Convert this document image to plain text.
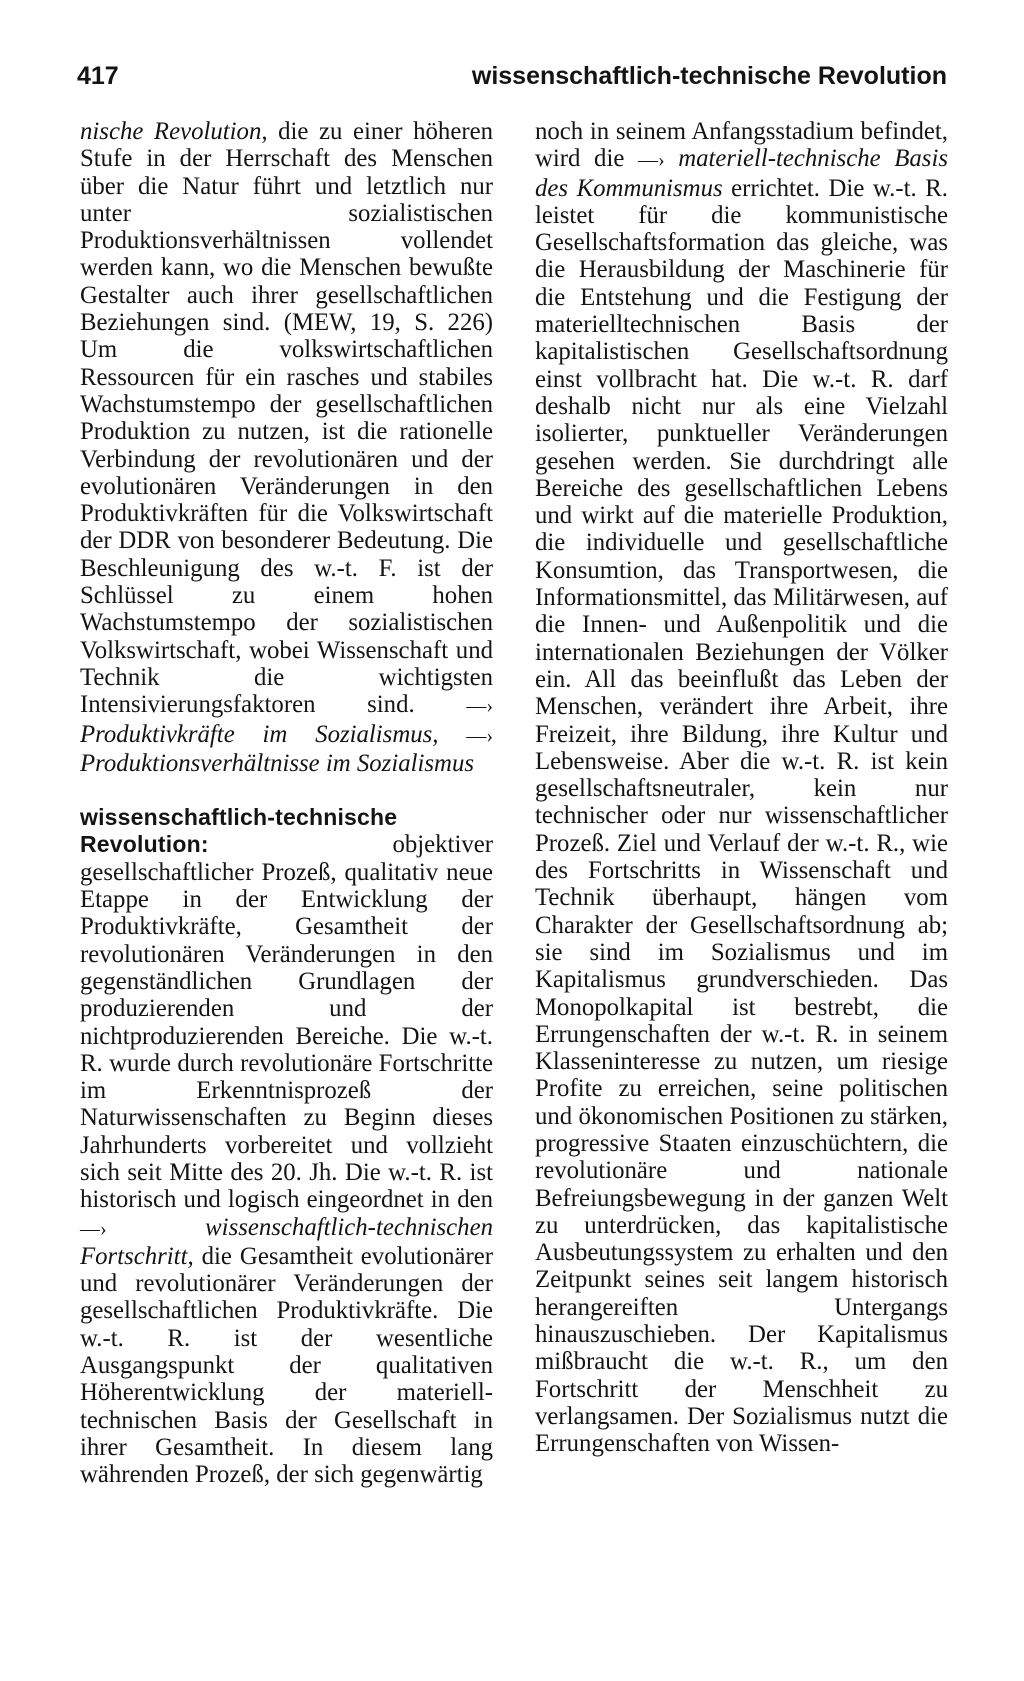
417	wissenschaftlich-technische Revolution

nische Revolution, die zu einer höheren Stufe in der Herrschaft des Menschen über die Natur führt und letztlich nur unter sozialistischen Produktionsverhältnissen vollendet werden kann, wo die Menschen bewußte Gestalter auch ihrer gesellschaftlichen Beziehungen sind. (MEW, 19, S. 226) Um die volkswirtschaftlichen Ressourcen für ein rasches und stabiles Wachstumstempo der gesellschaftlichen Produktion zu nutzen, ist die rationelle Verbindung der revolutionären und der evolutionären Veränderungen in den Produktivkräften für die Volkswirtschaft der DDR von besonderer Bedeutung. Die Beschleunigung des w.-t. F. ist der Schlüssel zu einem hohen Wachstumstempo der sozialistischen Volkswirtschaft, wobei Wissenschaft und Technik die wichtigsten Intensivierungsfaktoren sind. —› Produktivkräfte im Sozialismus, —› Produktionsverhältnisse im Sozialismus

wissenschaftlich-technische Revolution: objektiver gesellschaftlicher Prozeß, qualitativ neue Etappe in der Entwicklung der Produktivkräfte, Gesamtheit der revolutionären Veränderungen in den gegenständlichen Grundlagen der produzierenden und der nichtproduzierenden Bereiche. Die w.-t. R. wurde durch revolutionäre Fortschritte im Erkenntnisprozeß der Naturwissenschaften zu Beginn dieses Jahrhunderts vorbereitet und vollzieht sich seit Mitte des 20. Jh. Die w.-t. R. ist historisch und logisch eingeordnet in den —› wissenschaftlich-technischen Fortschritt, die Gesamtheit evolutionärer und revolutionärer Veränderungen der gesellschaftlichen Produktivkräfte. Die w.-t. R. ist der wesentliche Ausgangspunkt der qualitativen Höherentwicklung der materiell-technischen Basis der Gesellschaft in ihrer Gesamtheit. In diesem lang währenden Prozeß, der sich gegenwärtig

noch in seinem Anfangsstadium befindet, wird die —› materiell-technische Basis des Kommunismus errichtet. Die w.-t. R. leistet für die kommunistische Gesellschaftsformation das gleiche, was die Herausbildung der Maschinerie für die Entstehung und die Festigung der materielltechnischen Basis der kapitalistischen Gesellschaftsordnung einst vollbracht hat. Die w.-t. R. darf deshalb nicht nur als eine Vielzahl isolierter, punktueller Veränderungen gesehen werden. Sie durchdringt alle Bereiche des gesellschaftlichen Lebens und wirkt auf die materielle Produktion, die individuelle und gesellschaftliche Konsumtion, das Transportwesen, die Informationsmittel, das Militärwesen, auf die Innen- und Außenpolitik und die internationalen Beziehungen der Völker ein. All das beeinflußt das Leben der Menschen, verändert ihre Arbeit, ihre Freizeit, ihre Bildung, ihre Kultur und Lebensweise. Aber die w.-t. R. ist kein gesellschaftsneutraler, kein nur technischer oder nur wissenschaftlicher Prozeß. Ziel und Verlauf der w.-t. R., wie des Fortschritts in Wissenschaft und Technik überhaupt, hängen vom Charakter der Gesellschaftsordnung ab; sie sind im Sozialismus und im Kapitalismus grundverschieden. Das Monopolkapital ist bestrebt, die Errungenschaften der w.-t. R. in seinem Klasseninteresse zu nutzen, um riesige Profite zu erreichen, seine politischen und ökonomischen Positionen zu stärken, progressive Staaten einzuschüchtern, die revolutionäre und nationale Befreiungsbewegung in der ganzen Welt zu unterdrücken, das kapitalistische Ausbeutungssystem zu erhalten und den Zeitpunkt seines seit langem historisch herangereiften Untergangs hinauszuschieben. Der Kapitalismus mißbraucht die w.-t. R., um den Fortschritt der Menschheit zu verlangsamen. Der Sozialismus nutzt die Errungenschaften von Wissen-
